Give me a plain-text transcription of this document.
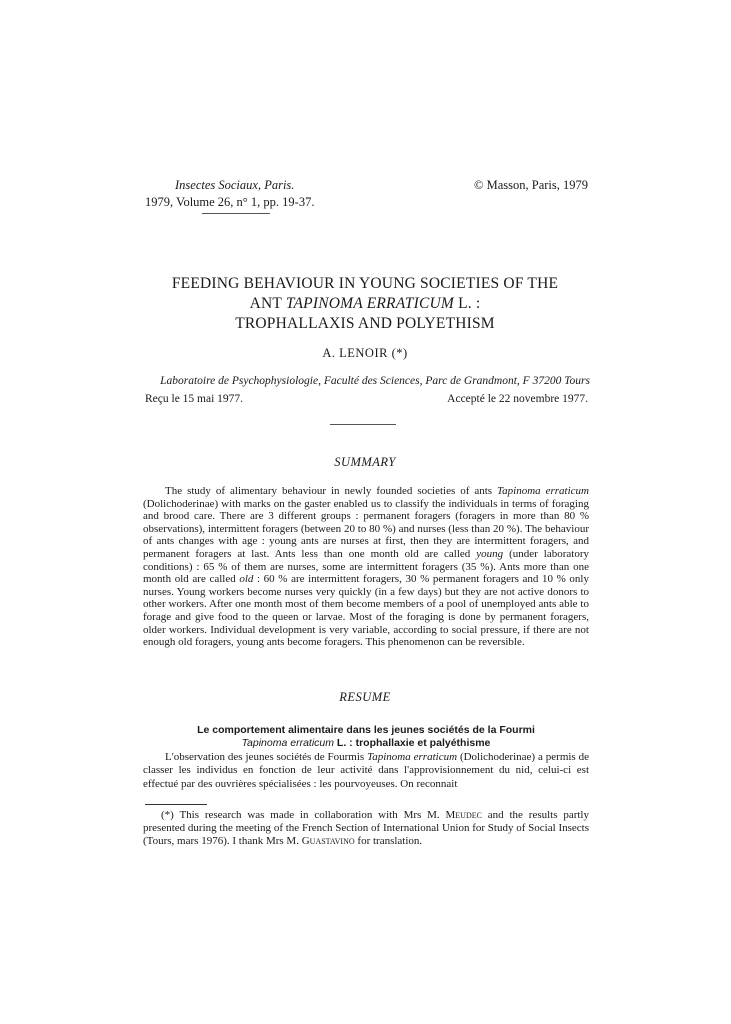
Insectes Sociaux, Paris.
1979, Volume 26, n° 1, pp. 19-37.
© Masson, Paris, 1979
FEEDING BEHAVIOUR IN YOUNG SOCIETIES OF THE
ANT TAPINOMA ERRATICUM L. :
TROPHALLAXIS AND POLYETHISM
A. LENOIR (*)
Laboratoire de Psychophysiologie, Faculté des Sciences, Parc de Grandmont, F 37200 Tours
Reçu le 15 mai 1977.	Accepté le 22 novembre 1977.
SUMMARY

The study of alimentary behaviour in newly founded societies of ants Tapinoma erraticum (Dolichoderinae) with marks on the gaster enabled us to classify the individuals in terms of foraging and brood care. There are 3 different groups : permanent foragers (foragers in more than 80 % observations), intermittent foragers (between 20 to 80 %) and nurses (less than 20 %). The behaviour of ants changes with age : young ants are nurses at first, then they are intermittent foragers, and permanent foragers at last. Ants less than one month old are called young (under laboratory conditions) : 65 % of them are nurses, some are intermittent foragers (35 %). Ants more than one month old are called old : 60 % are intermittent foragers, 30 % permanent foragers and 10 % only nurses. Young workers become nurses very quickly (in a few days) but they are not active donors to other workers. After one month most of them become members of a pool of unemployed ants able to forage and give food to the queen or larvae. Most of the foraging is done by permanent foragers, older workers. Individual development is very variable, according to social pressure, if there are not enough old foragers, young ants become foragers. This phenomenon can be reversible.

RESUME
Le comportement alimentaire dans les jeunes sociétés de la Fourmi
Tapinoma erraticum L. : trophallaxie et palyéthisme

L'observation des jeunes sociétés de Fourmis Tapinoma erraticum (Dolichoderinae) a permis de classer les individus en fonction de leur activité dans l'approvisionnement du nid, celui-ci est effectué par des ouvrières spécialisées : les pourvoyeuses. On reconnait

(*) This research was made in collaboration with Mrs M. Meudec and the results partly presented during the meeting of the French Section of International Union for Study of Social Insects (Tours, mars 1976). I thank Mrs M. Guastavino for translation.
